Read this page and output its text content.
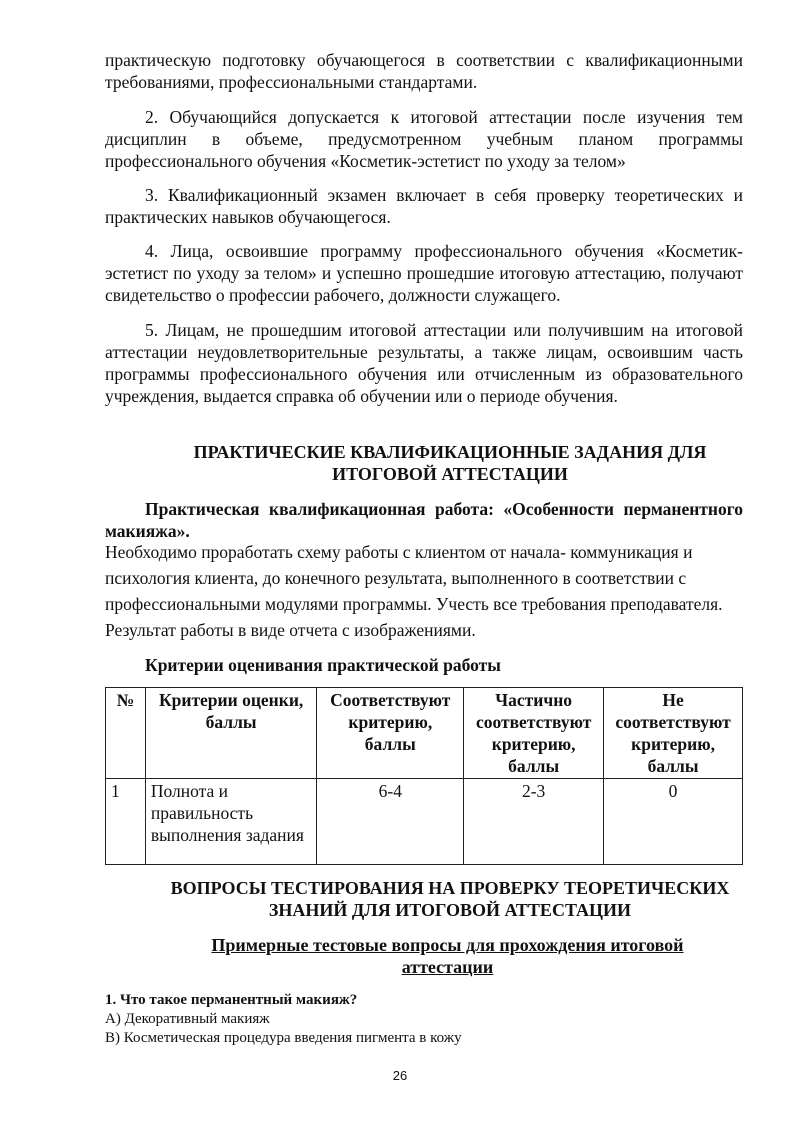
практическую подготовку обучающегося в соответствии с квалификационными требованиями, профессиональными стандартами.

2. Обучающийся допускается к итоговой аттестации после изучения тем дисциплин в объеме, предусмотренном учебным планом программы профессионального обучения «Косметик-эстетист по уходу за телом»

3. Квалификационный экзамен включает в себя проверку теоретических и практических навыков обучающегося.

4. Лица, освоившие программу профессионального обучения «Косметик-эстетист по уходу за телом» и успешно прошедшие итоговую аттестацию, получают свидетельство о профессии рабочего, должности служащего.

5. Лицам, не прошедшим итоговой аттестации или получившим на итоговой аттестации неудовлетворительные результаты, а также лицам, освоившим часть программы профессионального обучения или отчисленным из образовательного учреждения, выдается справка об обучении или о периоде обучения.

ПРАКТИЧЕСКИЕ КВАЛИФИКАЦИОННЫЕ ЗАДАНИЯ ДЛЯ ИТОГОВОЙ АТТЕСТАЦИИ

Практическая квалификационная работа: «Особенности перманентного макияжа».

Необходимо проработать схему работы с клиентом от начала- коммуникация и психология клиента, до конечного результата, выполненного в соответствии с профессиональными модулями программы. Учесть все требования преподавателя. Результат работы в виде отчета с изображениями.

Критерии оценивания практической работы

№	Критерии оценки, баллы	Соответствуют критерию, баллы	Частично соответствуют критерию, баллы	Не соответствуют критерию, баллы
1	Полнота и правильность выполнения задания	6-4	2-3	0
ВОПРОСЫ ТЕСТИРОВАНИЯ НА ПРОВЕРКУ ТЕОРЕТИЧЕСКИХ ЗНАНИЙ ДЛЯ ИТОГОВОЙ АТТЕСТАЦИИ
Примерные тестовые вопросы для прохождения итоговой аттестации

1. Что такое перманентный макияж?

А) Декоративный макияж

В) Косметическая процедура введения пигмента в кожу

26
